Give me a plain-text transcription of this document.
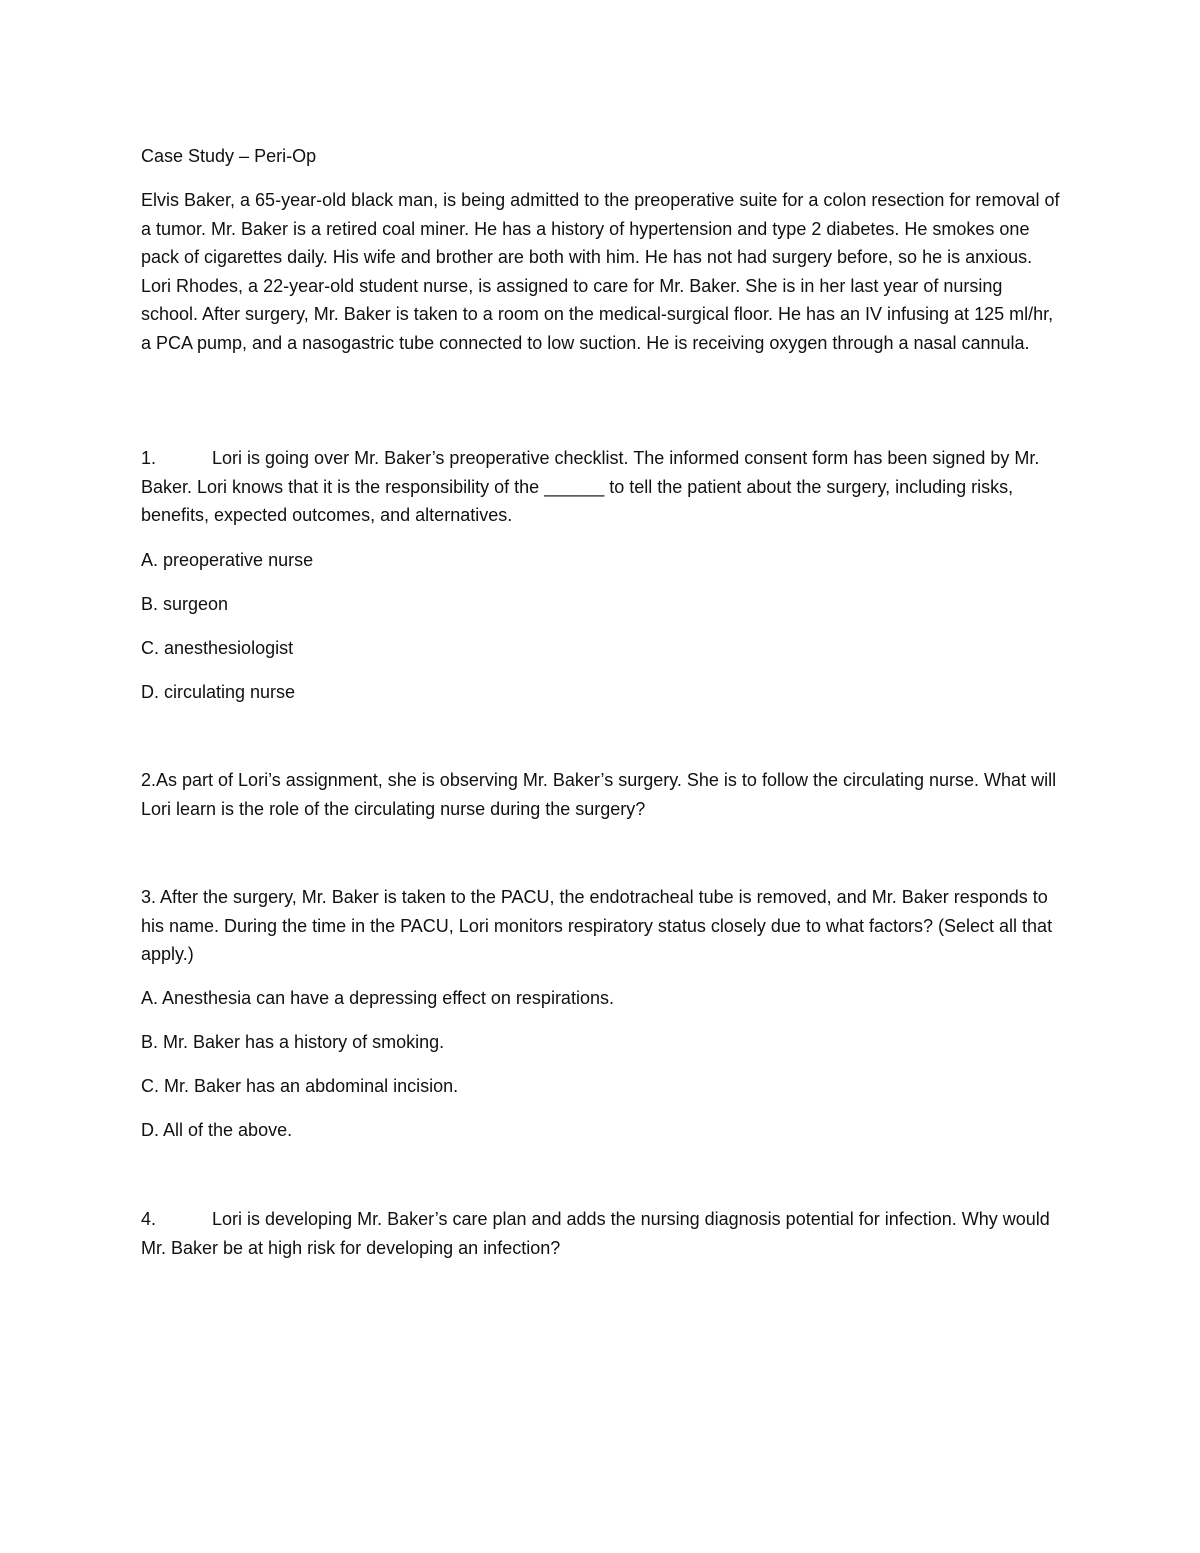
Case Study – Peri-Op

Elvis Baker, a 65-year-old black man, is being admitted to the preoperative suite for a colon resection for removal of a tumor. Mr. Baker is a retired coal miner. He has a history of hypertension and type 2 diabetes. He smokes one pack of cigarettes daily. His wife and brother are both with him. He has not had surgery before, so he is anxious. Lori Rhodes, a 22-year-old student nurse, is assigned to care for Mr. Baker. She is in her last year of nursing school. After surgery, Mr. Baker is taken to a room on the medical-surgical floor. He has an IV infusing at 125 ml/hr, a PCA pump, and a nasogastric tube connected to low suction. He is receiving oxygen through a nasal cannula.

1.	Lori is going over Mr. Baker’s preoperative checklist. The informed consent form has been signed by Mr. Baker. Lori knows that it is the responsibility of the ______ to tell the patient about the surgery, including risks, benefits, expected outcomes, and alternatives.

A. preoperative nurse

B. surgeon

C. anesthesiologist

D. circulating nurse

2.As part of Lori’s assignment, she is observing Mr. Baker’s surgery. She is to follow the circulating nurse. What will Lori learn is the role of the circulating nurse during the surgery?

3. After the surgery, Mr. Baker is taken to the PACU, the endotracheal tube is removed, and Mr. Baker responds to his name. During the time in the PACU, Lori monitors respiratory status closely due to what factors? (Select all that apply.)

A. Anesthesia can have a depressing effect on respirations.

B. Mr. Baker has a history of smoking.

C. Mr. Baker has an abdominal incision.

D. All of the above.

4.	Lori is developing Mr. Baker’s care plan and adds the nursing diagnosis potential for infection. Why would Mr. Baker be at high risk for developing an infection?
